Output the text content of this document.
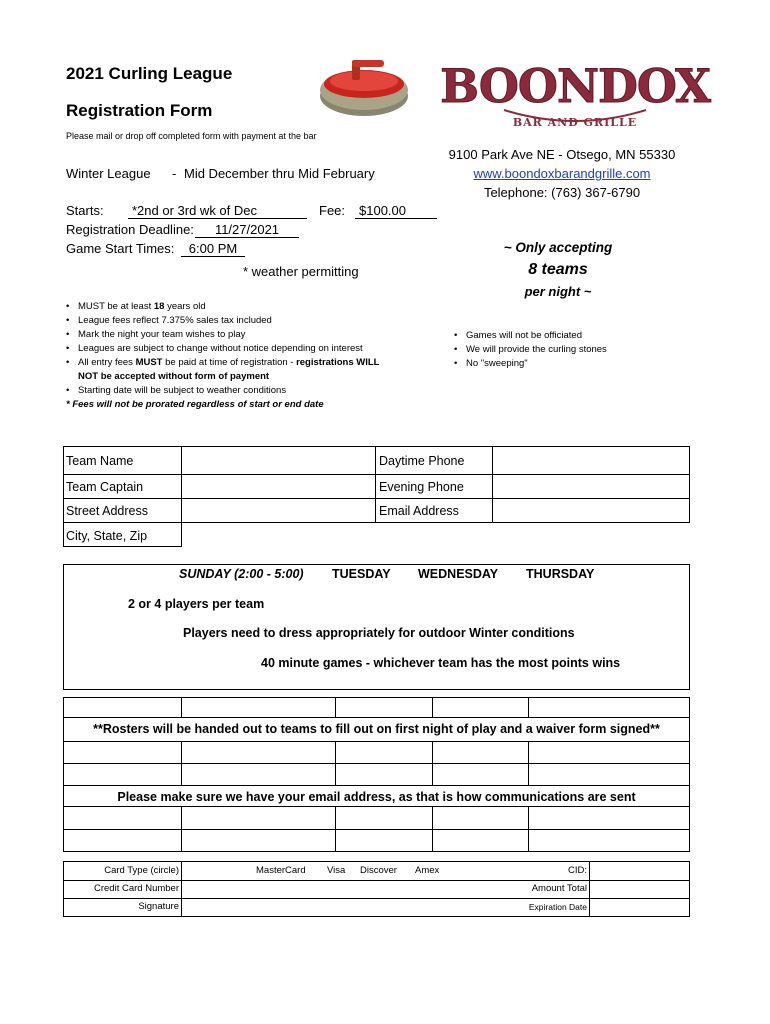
2021 Curling League
Registration Form
Please mail or drop off completed form with payment at the bar
BOONDOX
BAR AND GRILLE
9100 Park Ave NE - Otsego, MN 55330
www.boondoxbarandgrille.com
Telephone: (763) 367-6790
Winter League - Mid December thru Mid February
Starts:	*2nd or 3rd wk of Dec	Fee:	$100.00
Registration Deadline:	11/27/2021
Game Start Times:	6:00 PM
* weather permitting
~ Only accepting
8 teams
per night ~
• MUST be at least 18 years old
• League fees reflect 7.375% sales tax included
• Mark the night your team wishes to play
• Leagues are subject to change without notice depending on interest
• All entry fees MUST be paid at time of registration - registrations WILL
NOT be accepted without form of payment
• Starting date will be subject to weather conditions
* Fees will not be prorated regardless of start or end date
• Games will not be officiated
• We will provide the curling stones
• No "sweeping"
Team Name	Daytime Phone
Team Captain	Evening Phone
Street Address	Email Address
City, State, Zip
SUNDAY (2:00 - 5:00) TUESDAY WEDNESDAY THURSDAY
2 or 4 players per team
Players need to dress appropriately for outdoor Winter conditions
40 minute games - whichever team has the most points wins
**Rosters will be handed out to teams to fill out on first night of play and a waiver form signed**
Please make sure we have your email address, as that is how communications are sent
Card Type (circle)	MasterCard Visa Discover Amex	CID:
Credit Card Number	Amount Total
Signature	Expiration Date
